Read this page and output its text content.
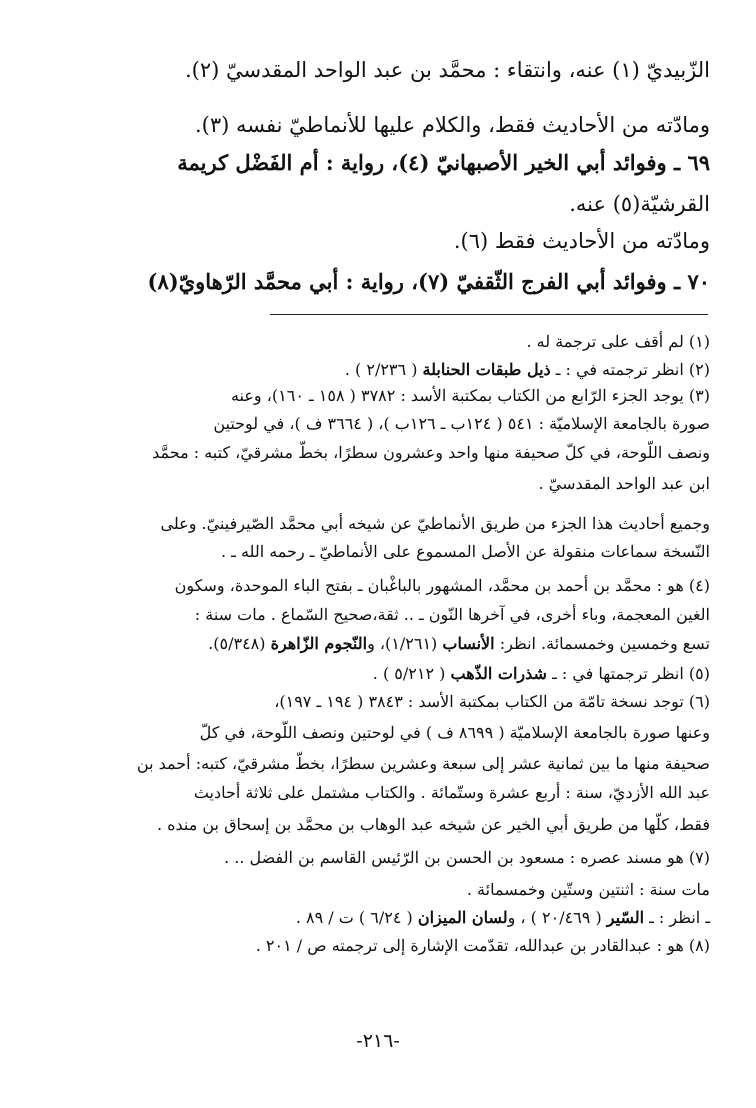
الزّبيديّ (١) عنه، وانتقاء : محمَّد بن عبد الواحد المقدسيّ (٢).
ومادّته من الأحاديث فقط، والكلام عليها للأنماطيّ نفسه (٣).
٦٩ ـ وفوائد أبي الخير الأصبهانيّ (٤)، رواية : أم الفَضْل كريمة
القرشيّة(٥) عنه.
ومادّته من الأحاديث فقط (٦).
٧٠ ـ وفوائد أبي الفرج الثّقفيّ (٧)، رواية : أبي محمَّد الرّهاويّ(٨)
(١) لم أقف على ترجمة له .
(٢) انظر ترجمته في : ـ ذيل طبقات الحنابلة ( ٢/٢٣٦ ) .
(٣) يوجد الجزء الرّابع من الكتاب بمكتبة الأسد : ٣٧٨٢ ( ١٥٨ ـ ١٦٠)، وعنه
صورة بالجامعة الإسلاميّة : ٥٤١ ( ١٢٤ب ـ ١٢٦ب )، ( ٣٦٦٤ ف )، في لوحتين
ونصف اللّوحة، في كلّ صحيفة منها واحد وعشرون سطرًا، بخطّ مشرقيّ، كتبه : محمَّد
ابن عبد الواحد المقدسيّ .
وجميع أحاديث هذا الجزء من طريق الأنماطيّ عن شيخه أبي محمَّد الصّيرفينيّ. وعلى
النّسخة سماعات منقولة عن الأصل المسموع على الأنماطيّ ـ رحمه الله ـ .
(٤) هو : محمَّد بن أحمد بن محمَّد، المشهور بالباغْبان ـ بفتح الباء الموحدة، وسكون
الغين المعجمة، وباء أخرى، في آخرها النّون ـ .. ثقة،صحيح السّماع . مات سنة :
تسع وخمسين وخمسمائة. انظر: الأنساب (١/٢٦١)، والنّجوم الزّاهرة (٥/٣٤٨).
(٥) انظر ترجمتها في : ـ شذرات الذّهب ( ٥/٢١٢ ) .
(٦) توجد نسخة تامّة من الكتاب بمكتبة الأسد : ٣٨٤٣ ( ١٩٤ ـ ١٩٧)،
وعنها صورة بالجامعة الإسلاميّة ( ٨٦٩٩ ف ) في لوحتين ونصف اللّوحة، في كلّ
صحيفة منها ما بين ثمانية عشر إلى سبعة وعشرين سطرًا، بخطّ مشرقيّ، كتبه: أحمد بن
عبد الله الأزديّ، سنة : أربع عشرة وستّمائة . والكتاب مشتمل على ثلاثة أحاديث
فقط، كلّها من طريق أبي الخير عن شيخه عبد الوهاب بن محمَّد بن إسحاق بن منده .
(٧) هو مسند عصره : مسعود بن الحسن بن الرّئيس القاسم بن الفضل .. .
مات سنة : اثنتين وستّين وخمسمائة .
ـ انظر : ـ السّير ( ٢٠/٤٦٩ ) ، ولسان الميزان ( ٦/٢٤ ) ت / ٨٩ .
(٨) هو : عبدالقادر بن عبدالله، تقدّمت الإشارة إلى ترجمته ص / ٢٠١ .
-٢١٦-
